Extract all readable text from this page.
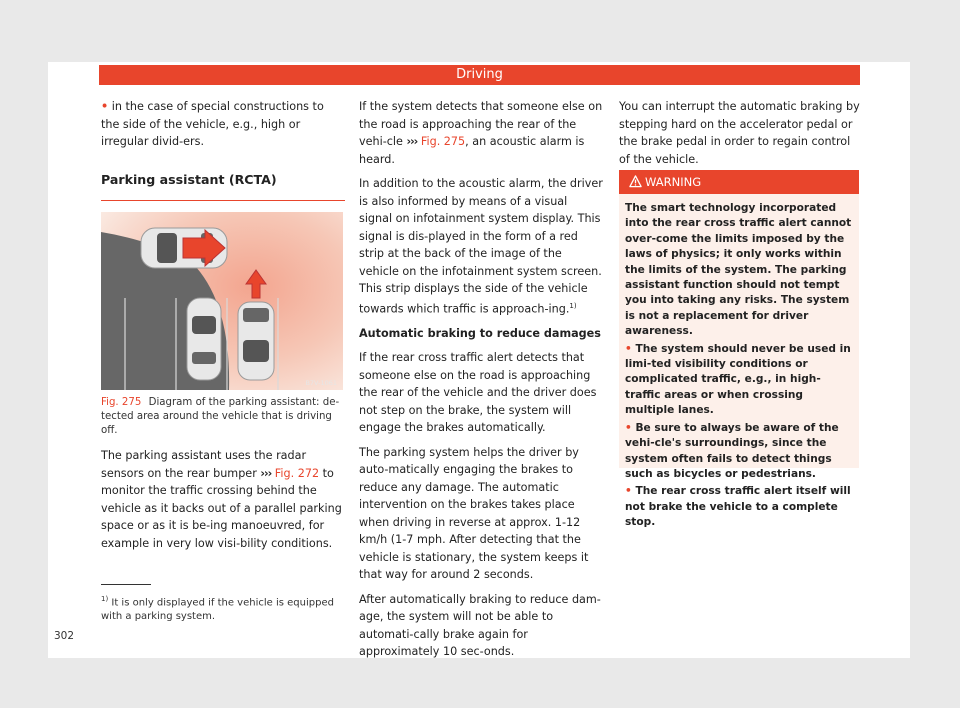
Driving

• in the case of special constructions to the side of the vehicle, e.g., high or irregular divid-ers.

Parking assistant (RCTA)
B7V-1061
Fig. 275 Diagram of the parking assistant: de-tected area around the vehicle that is driving off.
The parking assistant uses the radar sensors on the rear bumper ››› Fig. 272 to monitor the traffic crossing behind the vehicle as it backs out of a parallel parking space or as it is be-ing manoeuvred, for example in very low visi-bility conditions.
$^{1)}$ It is only displayed if the vehicle is equipped with a parking system.
302

If the system detects that someone else on the road is approaching the rear of the vehi-cle ››› Fig. 275, an acoustic alarm is heard.

In addition to the acoustic alarm, the driver is also informed by means of a visual signal on infotainment system display. This signal is dis-played in the form of a red strip at the back of the image of the vehicle on the infotainment system screen. This strip displays the side of the vehicle towards which traffic is approach-ing.$^{1)}$

Automatic braking to reduce damages

If the rear cross traffic alert detects that someone else on the road is approaching the rear of the vehicle and the driver does not step on the brake, the system will engage the brakes automatically.

The parking system helps the driver by auto-matically engaging the brakes to reduce any damage. The automatic intervention on the brakes takes place when driving in reverse at approx. 1-12 km/h (1-7 mph. After detecting that the vehicle is stationary, the system keeps it that way for around 2 seconds.

After automatically braking to reduce dam-age, the system will not be able to automati-cally brake again for approximately 10 sec-onds.

You can interrupt the automatic braking by stepping hard on the accelerator pedal or the brake pedal in order to regain control of the vehicle.

WARNING

The smart technology incorporated into the rear cross traffic alert cannot over-come the limits imposed by the laws of physics; it only works within the limits of the system. The parking assistant function should not tempt you into taking any risks. The system is not a replacement for driver awareness.

• The system should never be used in limi-ted visibility conditions or complicated traffic, e.g., in high-traffic areas or when crossing multiple lanes.

• Be sure to always be aware of the vehi-cle's surroundings, since the system often fails to detect things such as bicycles or pedestrians.

• The rear cross traffic alert itself will not brake the vehicle to a complete stop.
